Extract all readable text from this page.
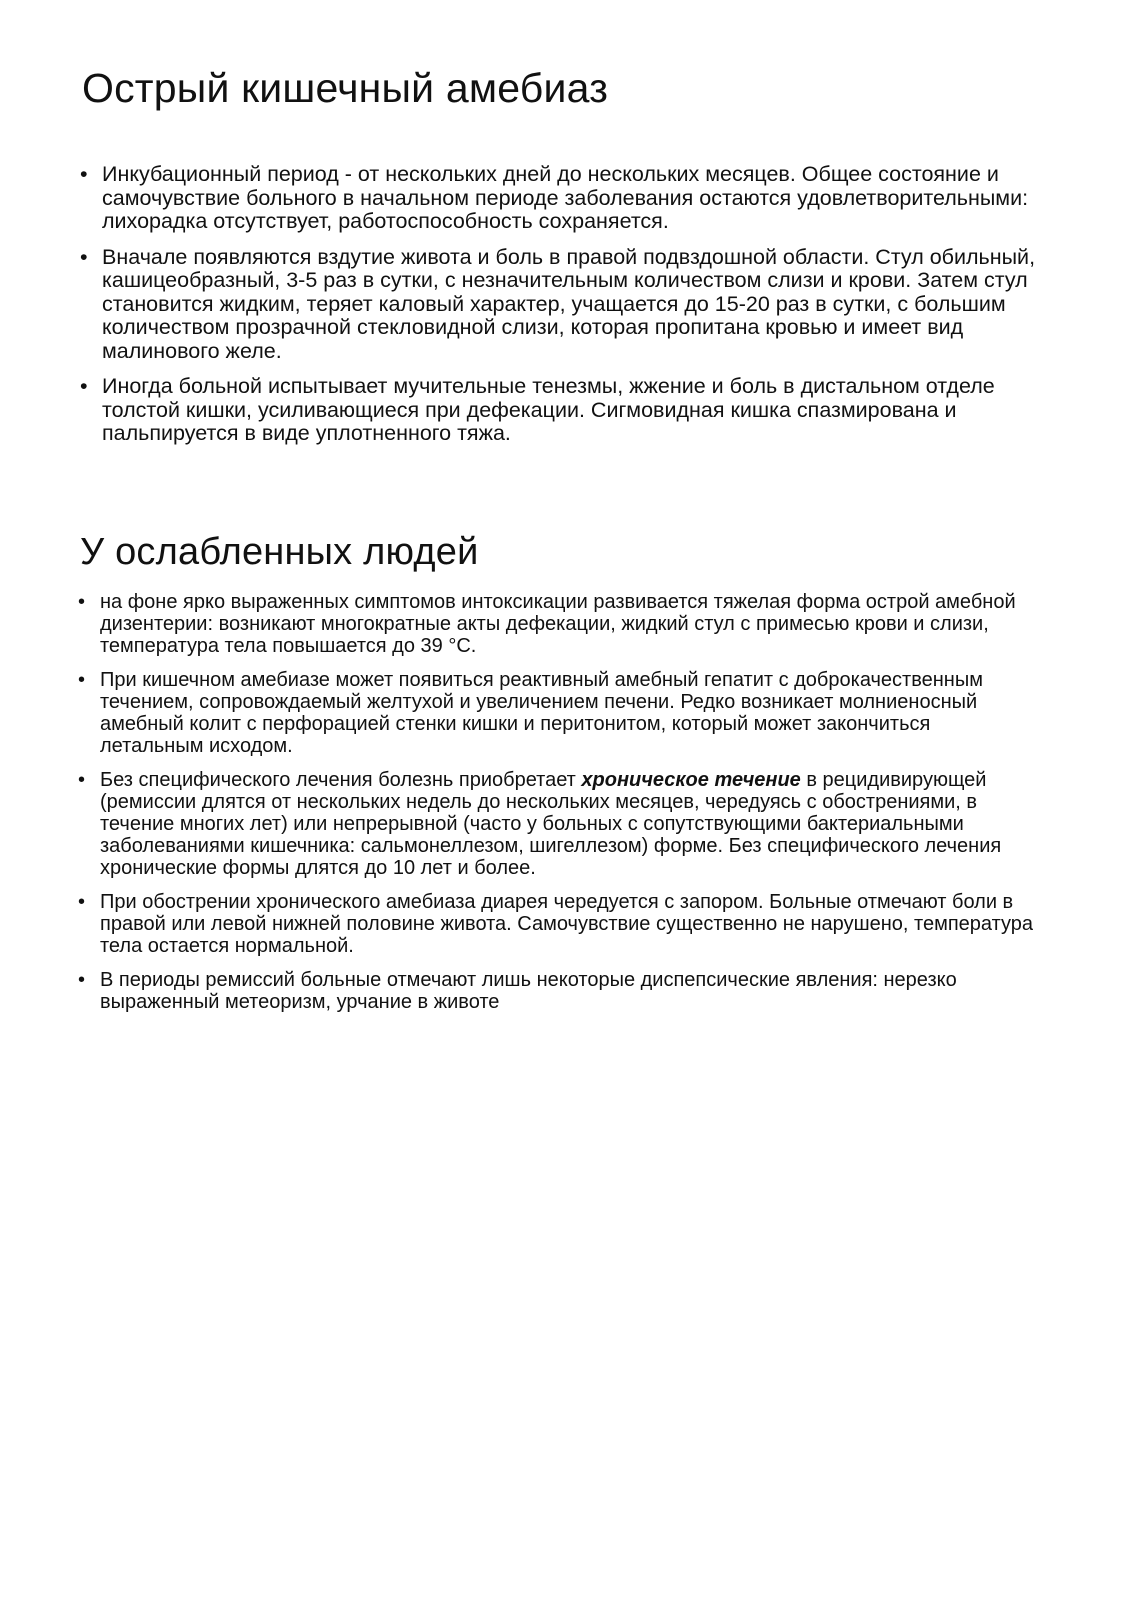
Острый кишечный амебиаз
• Инкубационный период - от нескольких дней до нескольких месяцев. Общее состояние и самочувствие больного в начальном периоде заболевания остаются удовлетворительными: лихорадка отсутствует, работоспособность сохраняется.
• Вначале появляются вздутие живота и боль в правой подвздошной области. Стул обильный, кашицеобразный, 3-5 раз в сутки, с незначительным количеством слизи и крови. Затем стул становится жидким, теряет каловый характер, учащается до 15-20 раз в сутки, с большим количеством прозрачной стекловидной слизи, которая пропитана кровью и имеет вид малинового желе.
• Иногда больной испытывает мучительные тенезмы, жжение и боль в дистальном отделе толстой кишки, усиливающиеся при дефекации. Сигмовидная кишка спазмирована и пальпируется в виде уплотненного тяжа.
У ослабленных людей
• на фоне ярко выраженных симптомов интоксикации развивается тяжелая форма острой амебной дизентерии: возникают многократные акты дефекации, жидкий стул с примесью крови и слизи, температура тела повышается до 39 °С.
• При кишечном амебиазе может появиться реактивный амебный гепатит с доброкачественным течением, сопровождаемый желтухой и увеличением печени. Редко возникает молниеносный амебный колит с перфорацией стенки кишки и перитонитом, который может закончиться летальным исходом.
• Без специфического лечения болезнь приобретает хроническое течение в рецидивирующей (ремиссии длятся от нескольких недель до нескольких месяцев, чередуясь с обострениями, в течение многих лет) или непрерывной (часто у больных с сопутствующими бактериальными заболеваниями кишечника: сальмонеллезом, шигеллезом) форме. Без специфического лечения хронические формы длятся до 10 лет и более.
• При обострении хронического амебиаза диарея чередуется с запором. Больные отмечают боли в правой или левой нижней половине живота. Самочувствие существенно не нарушено, температура тела остается нормальной.
• В периоды ремиссий больные отмечают лишь некоторые диспепсические явления: нерезко выраженный метеоризм, урчание в животе
